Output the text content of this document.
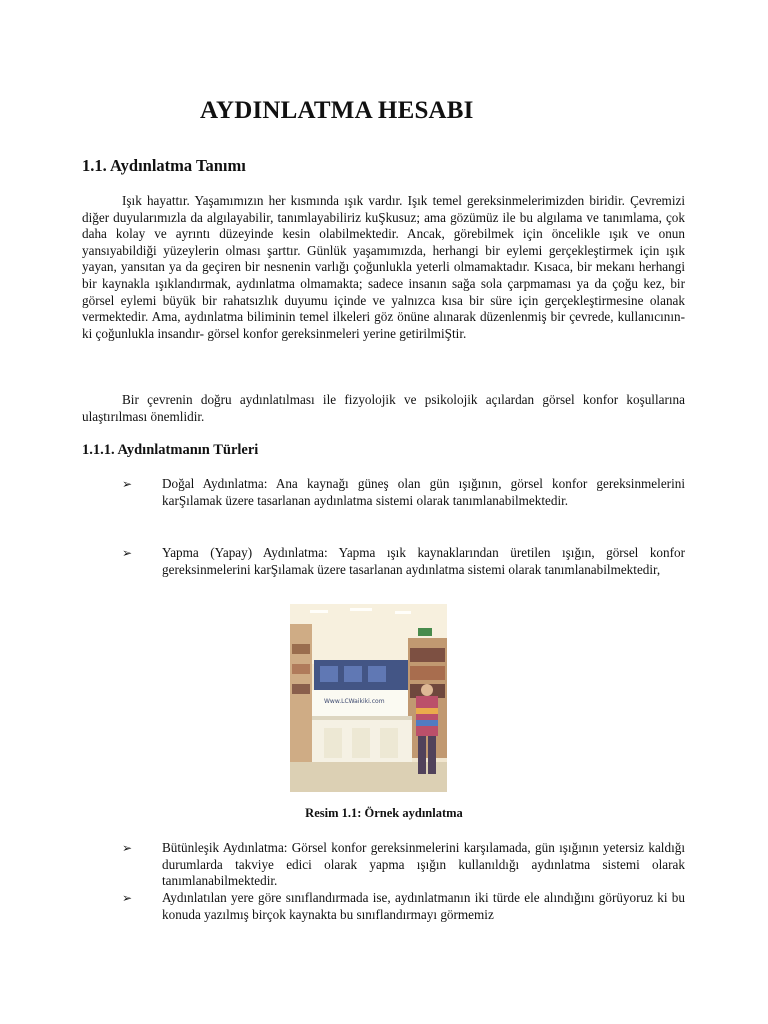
AYDINLATMA HESABI
1.1. Aydınlatma Tanımı

Işık hayattır. Yaşamımızın her kısmında ışık vardır. Işık temel gereksinmelerimizden biridir. Çevremizi diğer duyularımızla da algılayabilir, tanımlayabiliriz kuŞkusuz; ama gözümüz ile bu algılama ve tanımlama, çok daha kolay ve ayrıntı düzeyinde kesin olabilmektedir. Ancak, görebilmek için öncelikle ışık ve onun yansıyabildiği yüzeylerin olması şarttır. Günlük yaşamımızda, herhangi bir eylemi gerçekleştirmek için ışık yayan, yansıtan ya da geçiren bir nesnenin varlığı çoğunlukla yeterli olmamaktadır. Kısaca, bir mekanı herhangi bir kaynakla ışıklandırmak, aydınlatma olmamakta; sadece insanın sağa sola çarpmaması ya da çoğu kez, bir görsel eylemi büyük bir rahatsızlık duyumu içinde ve yalnızca kısa bir süre için gerçekleştirmesine olanak vermektedir. Ama, aydınlatma biliminin temel ilkeleri göz önüne alınarak düzenlenmiş bir çevrede, kullanıcının- ki çoğunlukla insandır- görsel konfor gereksinmeleri yerine getirilmiŞtir.

Bir çevrenin doğru aydınlatılması ile fizyolojik ve psikolojik açılardan görsel konfor koşullarına ulaştırılması önemlidir.

1.1.1. Aydınlatmanın Türleri
➢ Doğal Aydınlatma: Ana kaynağı güneş olan gün ışığının, görsel konfor gereksinmelerini karŞılamak üzere tasarlanan aydınlatma sistemi olarak tanımlanabilmektedir.
➢ Yapma (Yapay) Aydınlatma: Yapma ışık kaynaklarından üretilen ışığın, görsel konfor gereksinmelerini karŞılamak üzere tasarlanan aydınlatma sistemi olarak tanımlanabilmektedir,
Www.LCWaikiki.com

Resim 1.1: Örnek aydınlatma

➢ Bütünleşik Aydınlatma: Görsel konfor gereksinmelerini karşılamada, gün ışığının yetersiz kaldığı durumlarda takviye edici olarak yapma ışığın kullanıldığı aydınlatma sistemi olarak tanımlanabilmektedir.
➢ Aydınlatılan yere göre sınıflandırmada ise, aydınlatmanın iki türde ele alındığını görüyoruz ki bu konuda yazılmış birçok kaynakta bu sınıflandırmayı görmemiz
